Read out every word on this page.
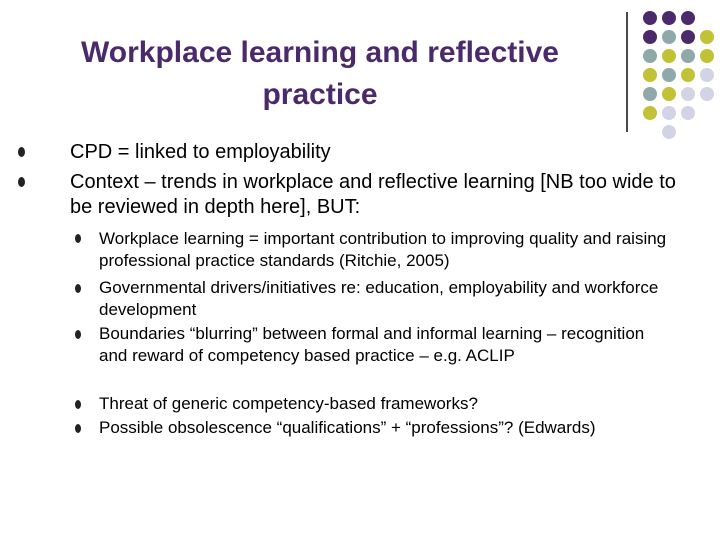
Workplace learning and reflective practice
CPD = linked to employability
Context – trends in workplace and reflective learning [NB too wide to be reviewed in depth here], BUT:
Workplace learning = important contribution to improving quality and raising professional practice standards (Ritchie, 2005)
Governmental drivers/initiatives re: education, employability and workforce development
Boundaries “blurring” between formal and informal learning – recognition and reward of competency based practice – e.g. ACLIP
Threat of generic competency-based frameworks?
Possible obsolescence “qualifications” + “professions”? (Edwards)
